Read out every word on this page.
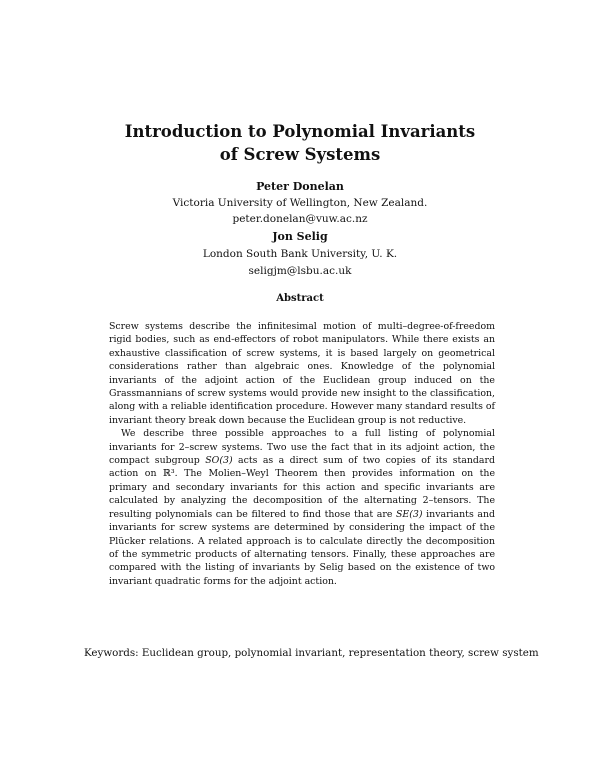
Introduction to Polynomial Invariants
of Screw Systems
Peter Donelan
Victoria University of Wellington, New Zealand.
peter.donelan@vuw.ac.nz
Jon Selig
London South Bank University, U. K.
seligjm@lsbu.ac.uk
Abstract

Screw systems describe the infinitesimal motion of multi–degree-of-freedom rigid bodies, such as end-effectors of robot manipulators. While there exists an exhaustive classification of screw systems, it is based largely on geometrical considerations rather than algebraic ones. Knowledge of the polynomial invariants of the adjoint action of the Euclidean group induced on the Grassmannians of screw systems would provide new insight to the classification, along with a reliable identification procedure. However many standard results of invariant theory break down because the Euclidean group is not reductive.

We describe three possible approaches to a full listing of polynomial invariants for 2–screw systems. Two use the fact that in its adjoint action, the compact subgroup SO(3) acts as a direct sum of two copies of its standard action on ℝ³. The Molien–Weyl Theorem then provides information on the primary and secondary invariants for this action and specific invariants are calculated by analyzing the decomposition of the alternating 2–tensors. The resulting polynomials can be filtered to find those that are SE(3) invariants and invariants for screw systems are determined by considering the impact of the Plücker relations. A related approach is to calculate directly the decomposition of the symmetric products of alternating tensors. Finally, these approaches are compared with the listing of invariants by Selig based on the existence of two invariant quadratic forms for the adjoint action.

Keywords: Euclidean group, polynomial invariant, representation theory, screw system
